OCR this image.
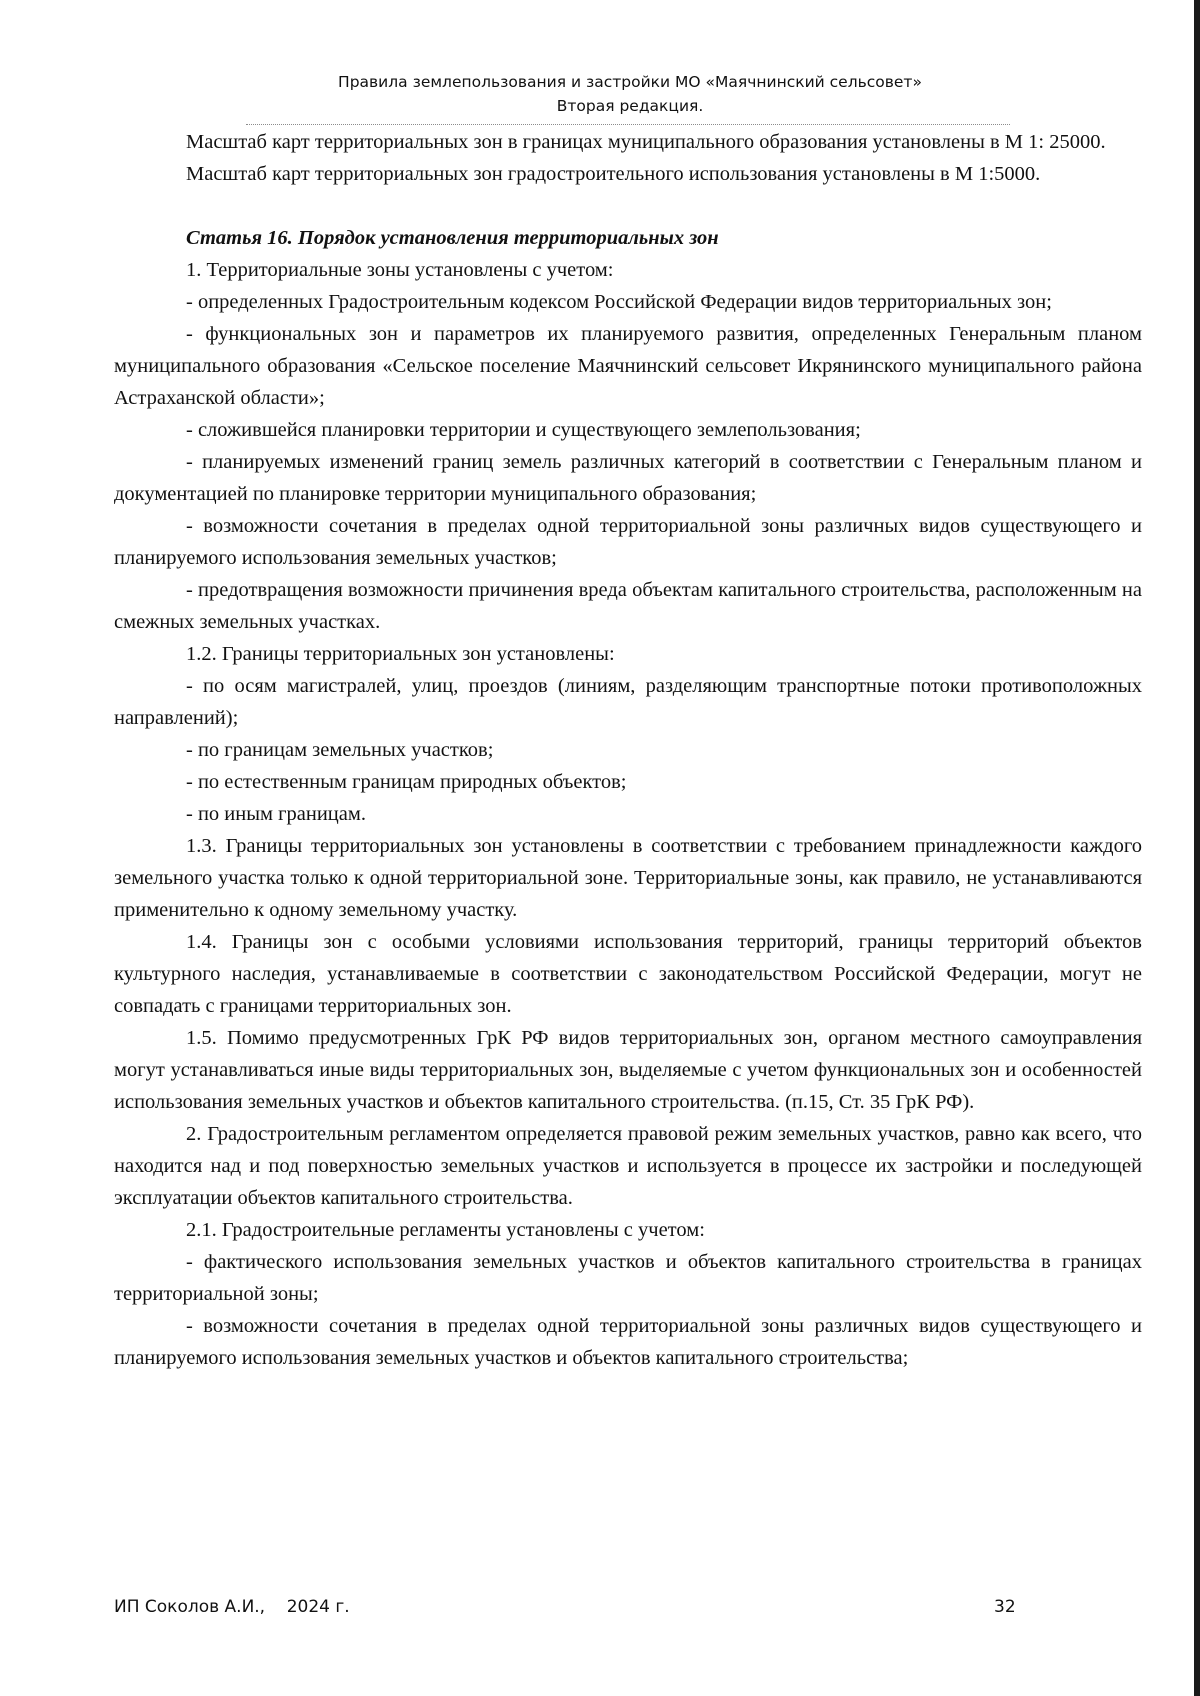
Правила землепользования и застройки МО «Маячнинский сельсовет»
Вторая редакция.

Масштаб карт территориальных зон в границах муниципального образования установлены в М 1: 25000.

Масштаб карт территориальных зон градостроительного использования установлены в М 1:5000.

Статья 16. Порядок установления территориальных зон

1. Территориальные зоны установлены с учетом:

- определенных Градостроительным кодексом Российской Федерации видов территориальных зон;

- функциональных зон и параметров их планируемого развития, определенных Генеральным планом муниципального образования «Сельское поселение Маячнинский сельсовет Икрянинского муниципального района Астраханской области»;

- сложившейся планировки территории и существующего землепользования;

- планируемых изменений границ земель различных категорий в соответствии с Генеральным планом и документацией по планировке территории муниципального образования;

- возможности сочетания в пределах одной территориальной зоны различных видов существующего и планируемого использования земельных участков;

- предотвращения возможности причинения вреда объектам капитального строительства, расположенным на смежных земельных участках.

1.2. Границы территориальных зон установлены:

- по осям магистралей, улиц, проездов (линиям, разделяющим транспортные потоки противоположных направлений);

- по границам земельных участков;

- по естественным границам природных объектов;

- по иным границам.

1.3. Границы территориальных зон установлены в соответствии с требованием принадлежности каждого земельного участка только к одной территориальной зоне. Территориальные зоны, как правило, не устанавливаются применительно к одному земельному участку.

1.4. Границы зон с особыми условиями использования территорий, границы территорий объектов культурного наследия, устанавливаемые в соответствии с законодательством Российской Федерации, могут не совпадать с границами территориальных зон.

1.5. Помимо предусмотренных ГрК РФ видов территориальных зон, органом местного самоуправления могут устанавливаться иные виды территориальных зон, выделяемые с учетом функциональных зон и особенностей использования земельных участков и объектов капитального строительства. (п.15, Ст. 35 ГрК РФ).

2. Градостроительным регламентом определяется правовой режим земельных участков, равно как всего, что находится над и под поверхностью земельных участков и используется в процессе их застройки и последующей эксплуатации объектов капитального строительства.

2.1. Градостроительные регламенты установлены с учетом:

- фактического использования земельных участков и объектов капитального строительства в границах территориальной зоны;

- возможности сочетания в пределах одной территориальной зоны различных видов существующего и планируемого использования земельных участков и объектов капитального строительства;

ИП Соколов А.И.,    2024 г.	32
